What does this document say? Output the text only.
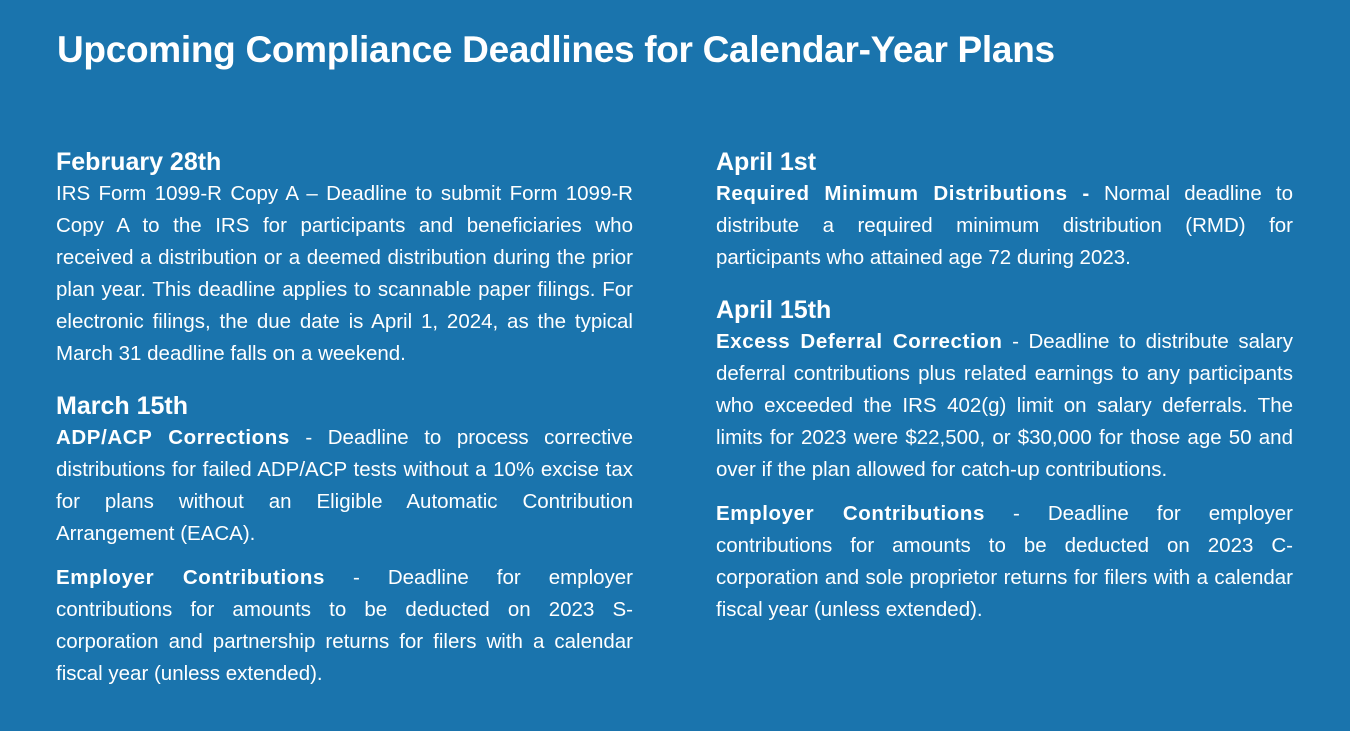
Upcoming Compliance Deadlines for Calendar-Year Plans
February 28th

IRS Form 1099-R Copy A – Deadline to submit Form 1099-R Copy A to the IRS for participants and beneficiaries who received a distribution or a deemed distribution during the prior plan year. This deadline applies to scannable paper filings. For electronic filings, the due date is April 1, 2024, as the typical March 31 deadline falls on a weekend.

March 15th

ADP/ACP Corrections - Deadline to process corrective distributions for failed ADP/ACP tests without a 10% excise tax for plans without an Eligible Automatic Contribution Arrangement (EACA).

Employer Contributions - Deadline for employer contributions for amounts to be deducted on 2023 S-corporation and partnership returns for filers with a calendar fiscal year (unless extended).

April 1st

Required Minimum Distributions - Normal deadline to distribute a required minimum distribution (RMD) for participants who attained age 72 during 2023.

April 15th

Excess Deferral Correction - Deadline to distribute salary deferral contributions plus related earnings to any participants who exceeded the IRS 402(g) limit on salary deferrals. The limits for 2023 were $22,500, or $30,000 for those age 50 and over if the plan allowed for catch-up contributions.

Employer Contributions - Deadline for employer contributions for amounts to be deducted on 2023 C-corporation and sole proprietor returns for filers with a calendar fiscal year (unless extended).
